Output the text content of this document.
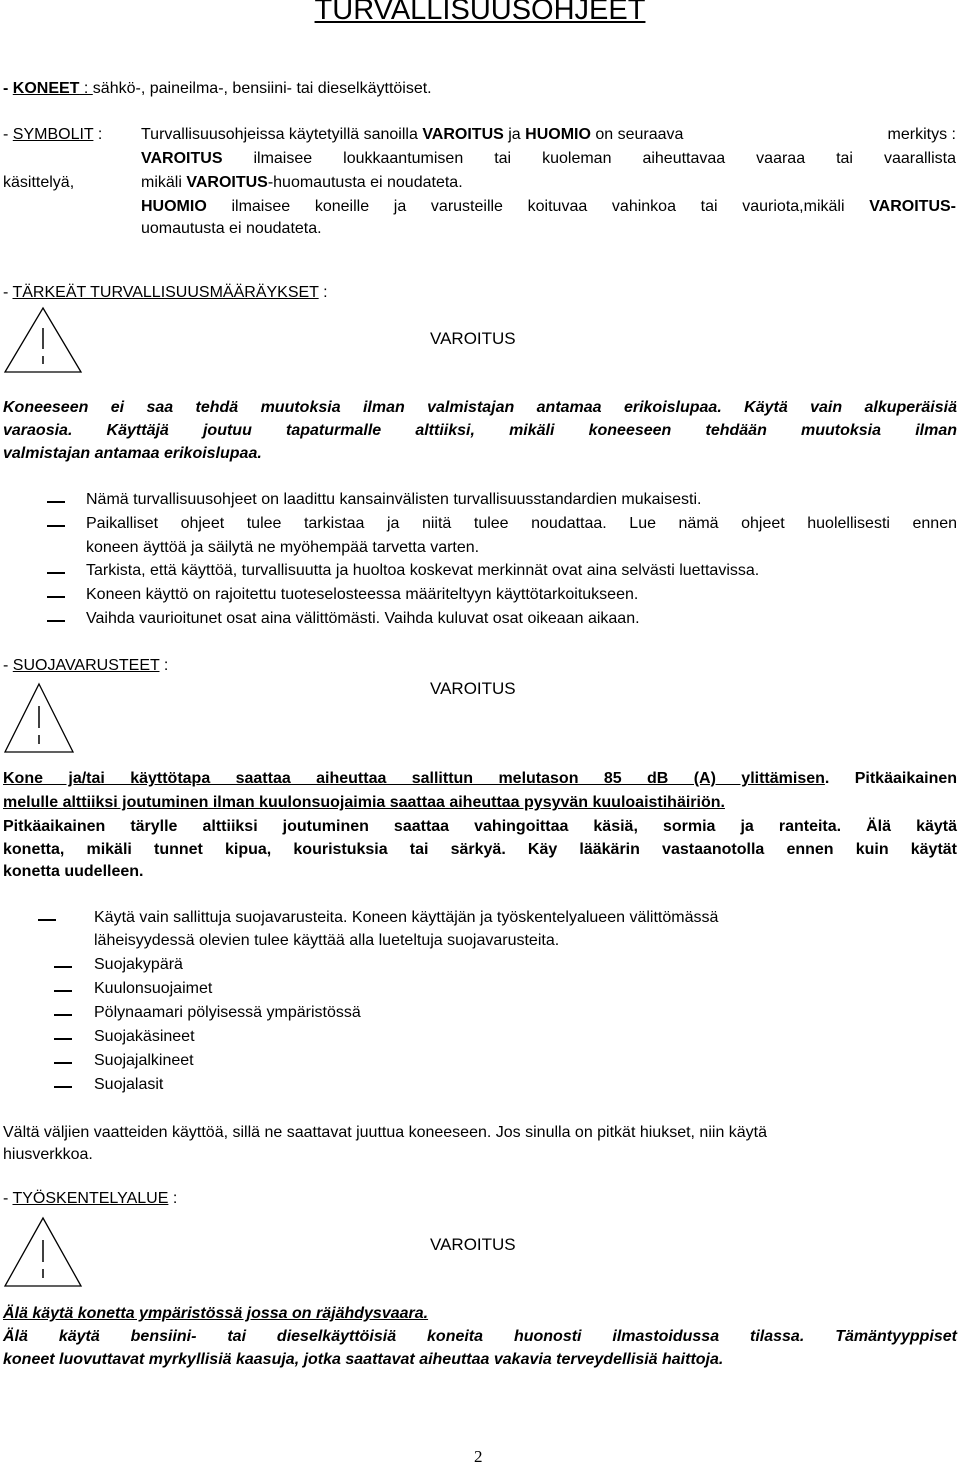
TURVALLISUUSOHJEET
- KONEET : sähkö-, paineilma-, bensiini- tai dieselkäyttöiset.
- SYMBOLIT : Turvallisuusohjeissa käytetyillä sanoilla VAROITUS ja HUOMIO on seuraava	merkitys :
VAROITUS ilmaisee loukkaantumisen tai kuoleman aiheuttavaa vaaraa tai vaarallista
käsittelyä,	mikäli VAROITUS-huomautusta ei noudateta.
HUOMIO ilmaisee koneille ja varusteille koituvaa vahinkoa tai vauriota,mikäli VAROITUS-
uomautusta ei noudateta.
- TÄRKEÄT TURVALLISUUSMÄÄRÄYKSET :
VAROITUS
Koneeseen ei saa tehdä muutoksia ilman valmistajan antamaa erikoislupaa. Käytä vain alkuperäisiä
varaosia. Käyttäjä joutuu tapaturmalle alttiiksi, mikäli koneeseen tehdään muutoksia ilman
valmistajan antamaa erikoislupaa.
Nämä turvallisuusohjeet on laadittu kansainvälisten turvallisuusstandardien mukaisesti.
Paikalliset ohjeet tulee tarkistaa ja niitä tulee noudattaa. Lue nämä ohjeet huolellisesti ennen
koneen äyttöä ja säilytä ne myöhempää tarvetta varten.
Tarkista, että käyttöä, turvallisuutta ja huoltoa koskevat merkinnät ovat aina selvästi luettavissa.
Koneen käyttö on rajoitettu tuoteselosteessa määriteltyyn käyttötarkoitukseen.
Vaihda vaurioitunet osat aina välittömästi. Vaihda kuluvat osat oikeaan aikaan.
- SUOJAVARUSTEET :
VAROITUS
Kone ja/tai käyttötapa saattaa aiheuttaa sallittun melutason 85 dB (A) ylittämisen. Pitkäaikainen
melulle alttiiksi joutuminen ilman kuulonsuojaimia saattaa aiheuttaa pysyvän kuuloaistihäiriön.
Pitkäaikainen tärylle alttiiksi joutuminen saattaa vahingoittaa käsiä, sormia ja ranteita. Älä käytä
konetta, mikäli tunnet kipua, kouristuksia tai särkyä. Käy lääkärin vastaanotolla ennen kuin käytät
konetta uudelleen.
Käytä vain sallittuja suojavarusteita. Koneen käyttäjän ja työskentelyalueen välittömässä
läheisyydessä olevien tulee käyttää alla lueteltuja suojavarusteita.
Suojakypärä
Kuulonsuojaimet
Pölynaamari pölyisessä ympäristössä
Suojakäsineet
Suojajalkineet
Suojalasit
Vältä väljien vaatteiden käyttöä, sillä ne saattavat juuttua koneeseen. Jos sinulla on pitkät hiukset, niin käytä
hiusverkkoa.
- TYÖSKENTELYALUE :
VAROITUS
Älä käytä konetta ympäristössä jossa on räjähdysvaara.
Älä käytä bensiini- tai dieselkäyttöisiä koneita huonosti ilmastoidussa tilassa. Tämäntyyppiset
koneet luovuttavat myrkyllisiä kaasuja, jotka saattavat aiheuttaa vakavia terveydellisiä haittoja.
2
